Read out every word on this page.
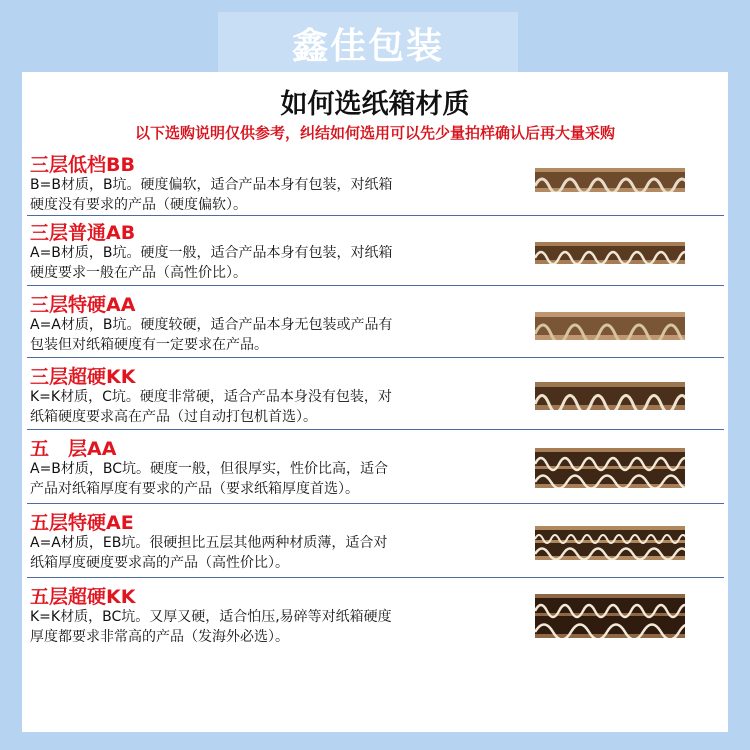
鑫佳包装
如何选纸箱材质
以下选购说明仅供参考，纠结如何选用可以先少量拍样确认后再大量采购
三层低档BB
B=B材质，B坑。硬度偏软，适合产品本身有包装，对纸箱
硬度没有要求的产品（硬度偏软）。
三层普通AB
A=B材质，B坑。硬度一般，适合产品本身有包装，对纸箱
硬度要求一般在产品（高性价比）。
三层特硬AA
A=A材质，B坑。硬度较硬，适合产品本身无包装或产品有
包装但对纸箱硬度有一定要求在产品。
三层超硬KK
K=K材质，C坑。硬度非常硬，适合产品本身没有包装，对
纸箱硬度要求高在产品（过自动打包机首选）。
五　层AA
A=B材质，BC坑。硬度一般，但很厚实，性价比高，适合
产品对纸箱厚度有要求的产品（要求纸箱厚度首选）。
五层特硬AE
A=A材质，EB坑。很硬担比五层其他两种材质薄，适合对
纸箱厚度硬度要求高的产品（高性价比）。
五层超硬KK
K=K材质，BC坑。又厚又硬，适合怕压,易碎等对纸箱硬度
厚度都要求非常高的产品（发海外必选）。
